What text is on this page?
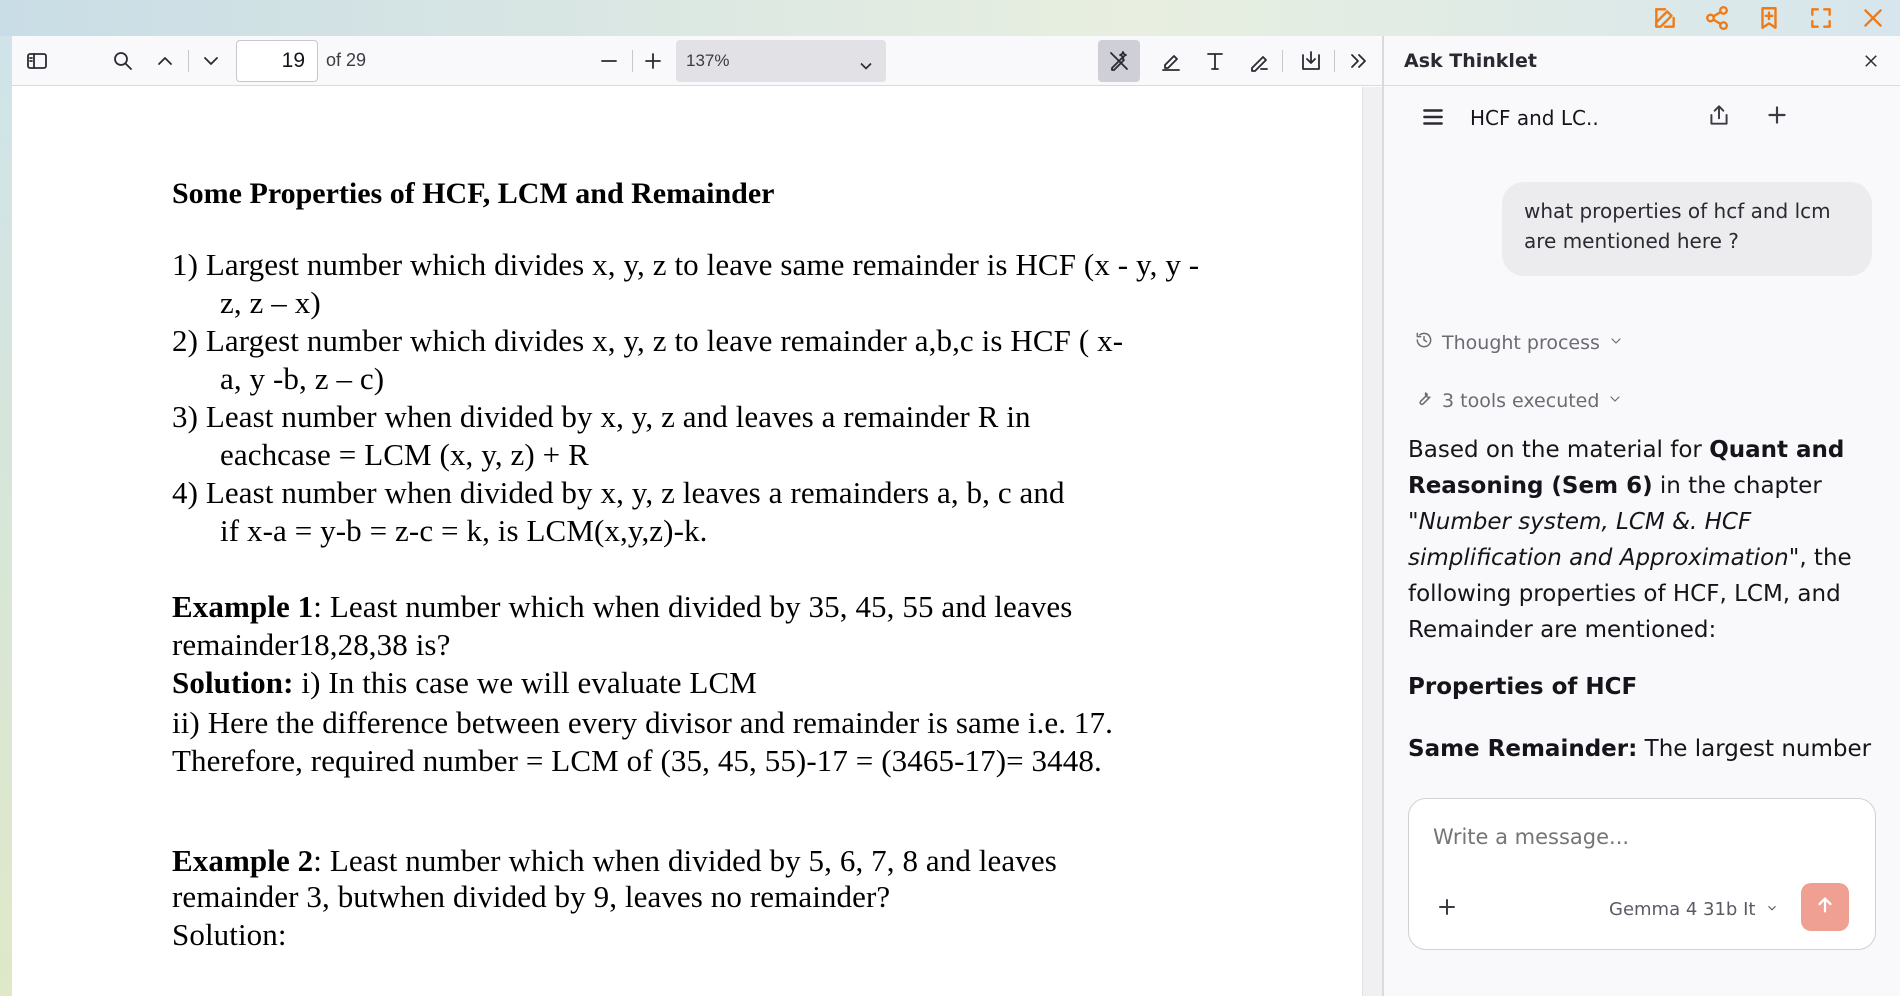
19	of 29	137%
Some Properties of HCF, LCM and Remainder
1) Largest number which divides x, y, z to leave same remainder is HCF (x - y, y -
z, z – x)
2) Largest number which divides x, y, z to leave remainder a,b,c is HCF ( x-
a, y -b, z – c)
3) Least number when divided by x, y, z and leaves a remainder R in
eachcase = LCM (x, y, z) + R
4) Least number when divided by x, y, z leaves a remainders a, b, c and
if x-a = y-b = z-c = k, is LCM(x,y,z)-k.
Example 1: Least number which when divided by 35, 45, 55 and leaves
remainder18,28,38 is?
Solution: i) In this case we will evaluate LCM
ii) Here the difference between every divisor and remainder is same i.e. 17.
Therefore, required number = LCM of (35, 45, 55)-17 = (3465-17)= 3448.
Example 2: Least number which when divided by 5, 6, 7, 8 and leaves
remainder 3, butwhen divided by 9, leaves no remainder?
Solution:
Ask Thinklet
HCF and LC..
what properties of hcf and lcm are mentioned here ?
Thought process
3 tools executed
Based on the material for Quant and Reasoning (Sem 6) in the chapter "Number system, LCM &. HCF simplification and Approximation", the following properties of HCF, LCM, and Remainder are mentioned:
Properties of HCF
Same Remainder: The largest number
Write a message...
Gemma 4 31b It
